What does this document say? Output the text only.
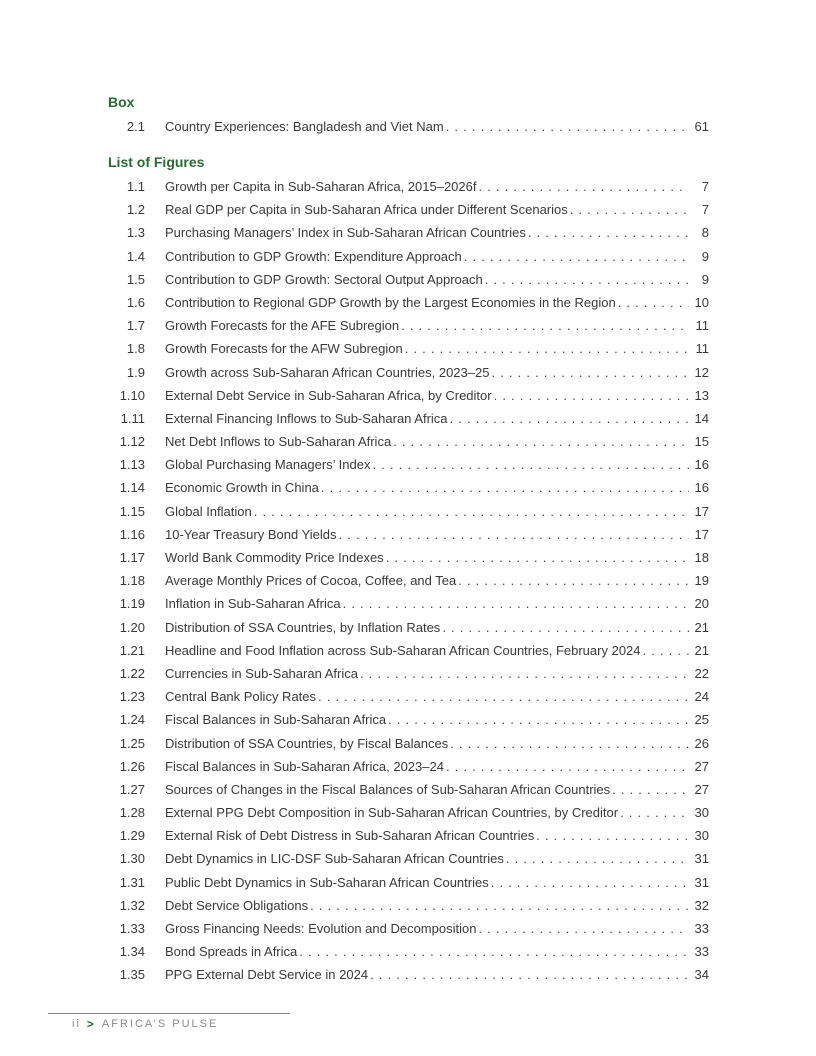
Box
2.1 Country Experiences: Bangladesh and Viet Nam . . .	61
List of Figures
1.1 Growth per Capita in Sub-Saharan Africa, 2015–2026f . . .	7
1.2 Real GDP per Capita in Sub-Saharan Africa under Different Scenarios . . .	7
1.3 Purchasing Managers’ Index in Sub-Saharan African Countries . . .	8
1.4 Contribution to GDP Growth: Expenditure Approach . . .	9
1.5 Contribution to GDP Growth: Sectoral Output Approach . . .	9
1.6 Contribution to Regional GDP Growth by the Largest Economies in the Region . . .	10
1.7 Growth Forecasts for the AFE Subregion . . .	11
1.8 Growth Forecasts for the AFW Subregion . . .	11
1.9 Growth across Sub-Saharan African Countries, 2023–25 . . .	12
1.10 External Debt Service in Sub-Saharan Africa, by Creditor . . .	13
1.11 External Financing Inflows to Sub-Saharan Africa . . .	14
1.12 Net Debt Inflows to Sub-Saharan Africa . . .	15
1.13 Global Purchasing Managers’ Index . . .	16
1.14 Economic Growth in China . . .	16
1.15 Global Inflation . . .	17
1.16 10-Year Treasury Bond Yields . . .	17
1.17 World Bank Commodity Price Indexes . . .	18
1.18 Average Monthly Prices of Cocoa, Coffee, and Tea . . .	19
1.19 Inflation in Sub-Saharan Africa . . .	20
1.20 Distribution of SSA Countries, by Inflation Rates . . .	21
1.21 Headline and Food Inflation across Sub-Saharan African Countries, February 2024 . . .	21
1.22 Currencies in Sub-Saharan Africa . . .	22
1.23 Central Bank Policy Rates . . .	24
1.24 Fiscal Balances in Sub-Saharan Africa . . .	25
1.25 Distribution of SSA Countries, by Fiscal Balances . . .	26
1.26 Fiscal Balances in Sub-Saharan Africa, 2023–24 . . .	27
1.27 Sources of Changes in the Fiscal Balances of Sub-Saharan African Countries . . .	27
1.28 External PPG Debt Composition in Sub-Saharan African Countries, by Creditor . . .	30
1.29 External Risk of Debt Distress in Sub-Saharan African Countries . . .	30
1.30 Debt Dynamics in LIC-DSF Sub-Saharan African Countries . . .	31
1.31 Public Debt Dynamics in Sub-Saharan African Countries . . .	31
1.32 Debt Service Obligations . . .	32
1.33 Gross Financing Needs: Evolution and Decomposition . . .	33
1.34 Bond Spreads in Africa . . .	33
1.35 PPG External Debt Service in 2024 . . .	34
ii > AFRICA’S PULSE
